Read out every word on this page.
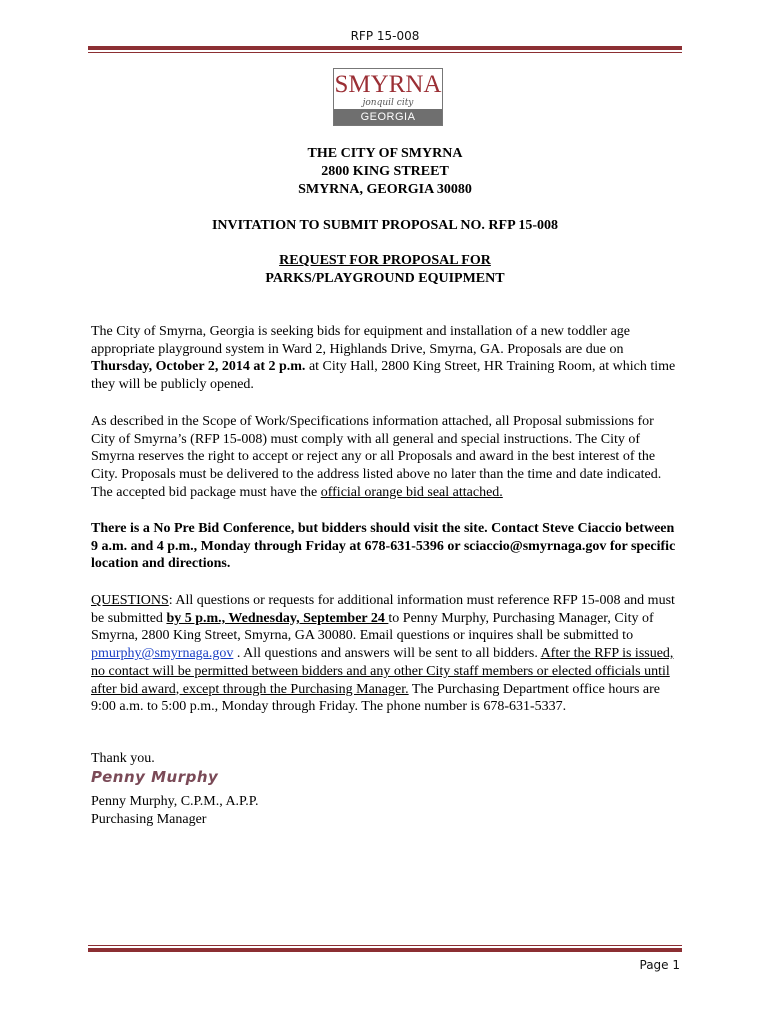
RFP 15-008
SMYRNA
jonquil city
GEORGIA
THE CITY OF SMYRNA
2800 KING STREET
SMYRNA, GEORGIA 30080
INVITATION TO SUBMIT PROPOSAL NO. RFP 15-008
REQUEST FOR PROPOSAL FOR
PARKS/PLAYGROUND EQUIPMENT
The City of Smyrna, Georgia is seeking bids for equipment and installation of a new toddler age appropriate playground system in Ward 2, Highlands Drive, Smyrna, GA. Proposals are due on Thursday, October 2, 2014 at 2 p.m. at City Hall, 2800 King Street, HR Training Room, at which time they will be publicly opened.
As described in the Scope of Work/Specifications information attached, all Proposal submissions for City of Smyrna’s (RFP 15-008) must comply with all general and special instructions. The City of Smyrna reserves the right to accept or reject any or all Proposals and award in the best interest of the City. Proposals must be delivered to the address listed above no later than the time and date indicated. The accepted bid package must have the official orange bid seal attached.
There is a No Pre Bid Conference, but bidders should visit the site. Contact Steve Ciaccio between 9 a.m. and 4 p.m., Monday through Friday at 678-631-5396 or sciaccio@smyrnaga.gov for specific location and directions.
QUESTIONS: All questions or requests for additional information must reference RFP 15-008 and must be submitted by 5 p.m., Wednesday, September 24 to Penny Murphy, Purchasing Manager, City of Smyrna, 2800 King Street, Smyrna, GA 30080. Email questions or inquires shall be submitted to pmurphy@smyrnaga.gov . All questions and answers will be sent to all bidders. After the RFP is issued, no contact will be permitted between bidders and any other City staff members or elected officials until after bid award, except through the Purchasing Manager. The Purchasing Department office hours are 9:00 a.m. to 5:00 p.m., Monday through Friday. The phone number is 678-631-5337.
Thank you.
Penny Murphy
Penny Murphy, C.P.M., A.P.P.
Purchasing Manager
Page 1
